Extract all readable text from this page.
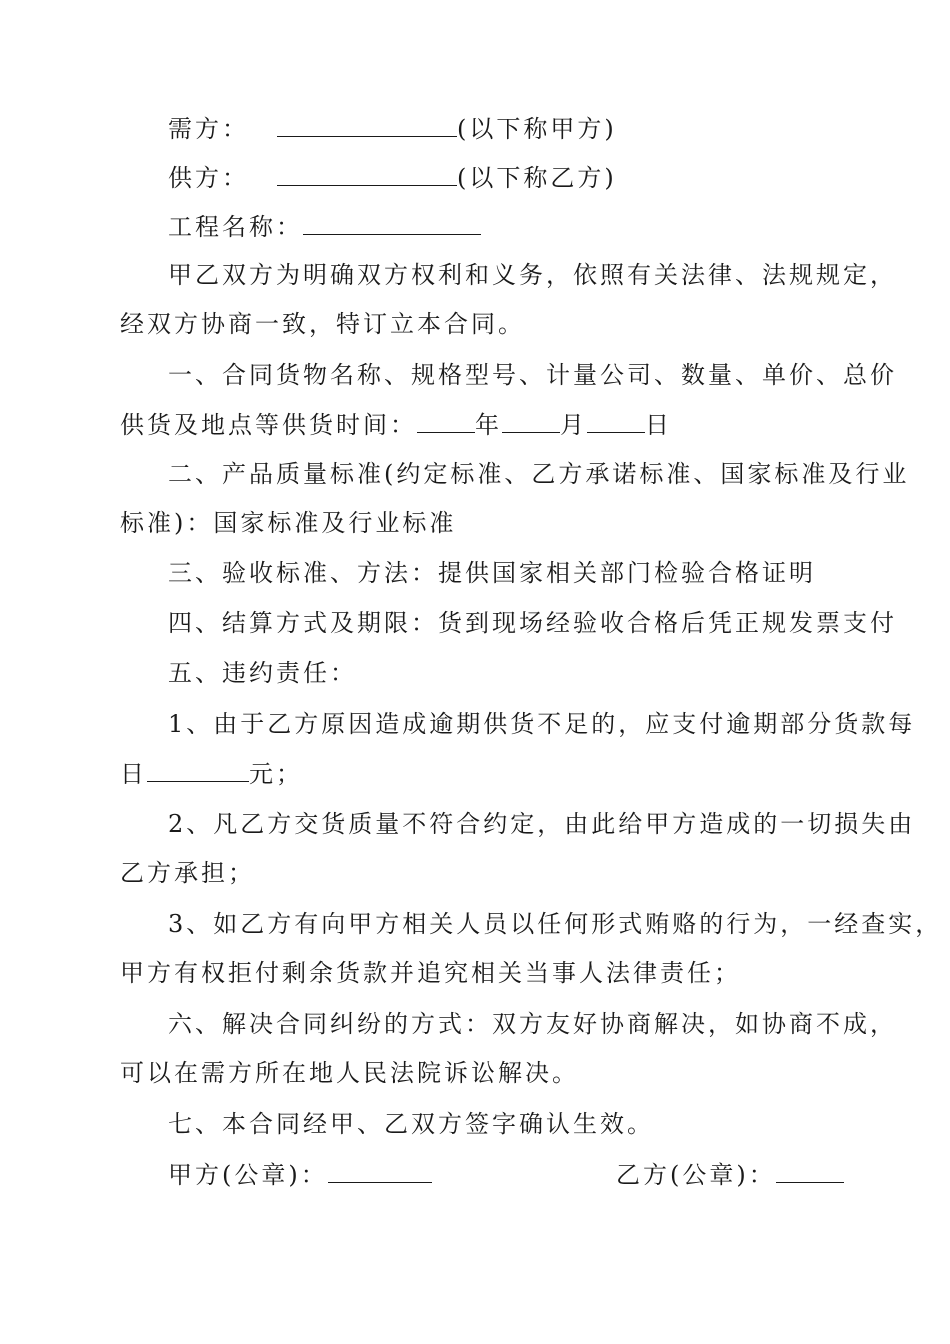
需方：	(以下称甲方)
供方：	(以下称乙方)
工程名称：
甲乙双方为明确双方权利和义务，依照有关法律、法规规定，
经双方协商一致，特订立本合同。
一、合同货物名称、规格型号、计量公司、数量、单价、总价
供货及地点等供货时间： 年 月 日
二、产品质量标准(约定标准、乙方承诺标准、国家标准及行业
标准)：国家标准及行业标准
三、验收标准、方法：提供国家相关部门检验合格证明
四、结算方式及期限：货到现场经验收合格后凭正规发票支付
五、违约责任：
1、由于乙方原因造成逾期供货不足的，应支付逾期部分货款每
日	元；
2、凡乙方交货质量不符合约定，由此给甲方造成的一切损失由
乙方承担；
3、如乙方有向甲方相关人员以任何形式贿赂的行为，一经查实，
甲方有权拒付剩余货款并追究相关当事人法律责任；
六、解决合同纠纷的方式：双方友好协商解决，如协商不成，
可以在需方所在地人民法院诉讼解决。
七、本合同经甲、乙双方签字确认生效。
甲方(公章)：	乙方(公章)：
